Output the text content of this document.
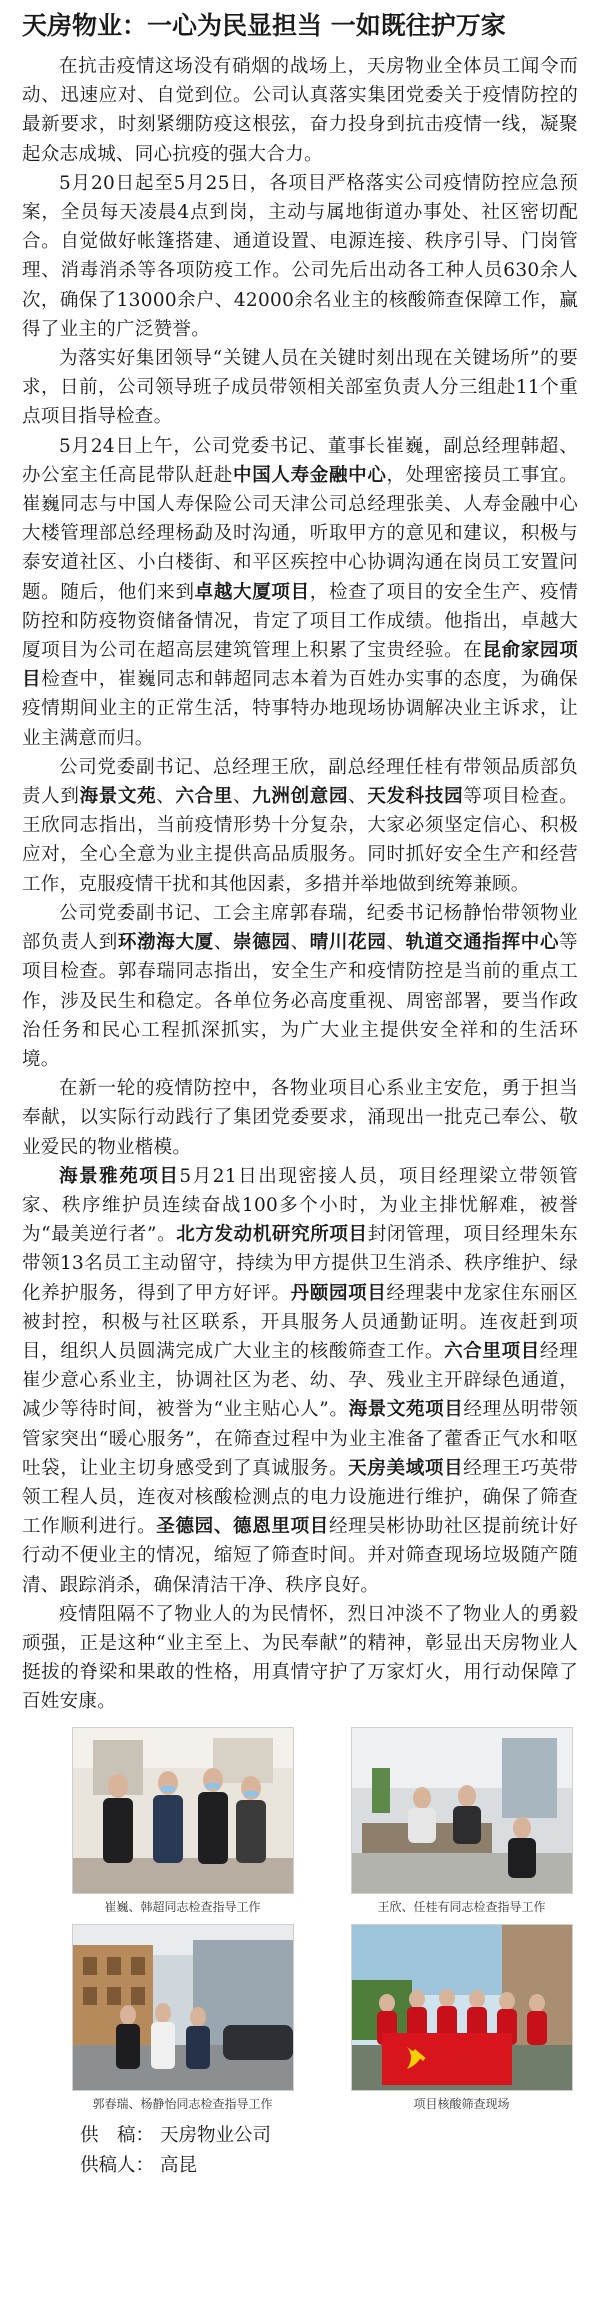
天房物业：一心为民显担当 一如既往护万家

在抗击疫情这场没有硝烟的战场上，天房物业全体员工闻令而动、迅速应对、自觉到位。公司认真落实集团党委关于疫情防控的最新要求，时刻紧绷防疫这根弦，奋力投身到抗击疫情一线，凝聚起众志成城、同心抗疫的强大合力。

5月20日起至5月25日，各项目严格落实公司疫情防控应急预案，全员每天凌晨4点到岗，主动与属地街道办事处、社区密切配合。自觉做好帐篷搭建、通道设置、电源连接、秩序引导、门岗管理、消毒消杀等各项防疫工作。公司先后出动各工种人员630余人次，确保了13000余户、42000余名业主的核酸筛查保障工作，赢得了业主的广泛赞誉。

为落实好集团领导“关键人员在关键时刻出现在关键场所”的要求，日前，公司领导班子成员带领相关部室负责人分三组赴11个重点项目指导检查。

5月24日上午，公司党委书记、董事长崔巍，副总经理韩超、办公室主任高昆带队赶赴中国人寿金融中心，处理密接员工事宜。崔巍同志与中国人寿保险公司天津公司总经理张美、人寿金融中心大楼管理部总经理杨勐及时沟通，听取甲方的意见和建议，积极与泰安道社区、小白楼街、和平区疾控中心协调沟通在岗员工安置问题。随后，他们来到卓越大厦项目，检查了项目的安全生产、疫情防控和防疫物资储备情况，肯定了项目工作成绩。他指出，卓越大厦项目为公司在超高层建筑管理上积累了宝贵经验。在昆俞家园项目检查中，崔巍同志和韩超同志本着为百姓办实事的态度，为确保疫情期间业主的正常生活，特事特办地现场协调解决业主诉求，让业主满意而归。

公司党委副书记、总经理王欣，副总经理任桂有带领品质部负责人到海景文苑、六合里、九洲创意园、天发科技园等项目检查。王欣同志指出，当前疫情形势十分复杂，大家必须坚定信心、积极应对，全心全意为业主提供高品质服务。同时抓好安全生产和经营工作，克服疫情干扰和其他因素，多措并举地做到统筹兼顾。

公司党委副书记、工会主席郭春瑞，纪委书记杨静怡带领物业部负责人到环渤海大厦、崇德园、晴川花园、轨道交通指挥中心等项目检查。郭春瑞同志指出，安全生产和疫情防控是当前的重点工作，涉及民生和稳定。各单位务必高度重视、周密部署，要当作政治任务和民心工程抓深抓实，为广大业主提供安全祥和的生活环境。

在新一轮的疫情防控中，各物业项目心系业主安危，勇于担当奉献，以实际行动践行了集团党委要求，涌现出一批克己奉公、敬业爱民的物业楷模。

海景雅苑项目5月21日出现密接人员，项目经理梁立带领管家、秩序维护员连续奋战100多个小时，为业主排忧解难，被誉为“最美逆行者”。北方发动机研究所项目封闭管理，项目经理朱东带领13名员工主动留守，持续为甲方提供卫生消杀、秩序维护、绿化养护服务，得到了甲方好评。丹颐园项目经理裴中龙家住东丽区被封控，积极与社区联系，开具服务人员通勤证明。连夜赶到项目，组织人员圆满完成广大业主的核酸筛查工作。六合里项目经理崔少意心系业主，协调社区为老、幼、孕、残业主开辟绿色通道，减少等待时间，被誉为“业主贴心人”。海景文苑项目经理丛明带领管家突出“暖心服务”，在筛查过程中为业主准备了藿香正气水和呕吐袋，让业主切身感受到了真诚服务。天房美域项目经理王巧英带领工程人员，连夜对核酸检测点的电力设施进行维护，确保了筛查工作顺利进行。圣德园、德恩里项目经理吴彬协助社区提前统计好行动不便业主的情况，缩短了筛查时间。并对筛查现场垃圾随产随清、跟踪消杀，确保清洁干净、秩序良好。

疫情阻隔不了物业人的为民情怀，烈日冲淡不了物业人的勇毅顽强，正是这种“业主至上、为民奉献”的精神，彰显出天房物业人挺拔的脊梁和果敢的性格，用真情守护了万家灯火，用行动保障了百姓安康。

崔巍、韩超同志检查指导工作	王欣、任桂有同志检查指导工作
郭春瑞、杨静怡同志检查指导工作	项目核酸筛查现场
供　稿： 天房物业公司
供稿人： 高昆
